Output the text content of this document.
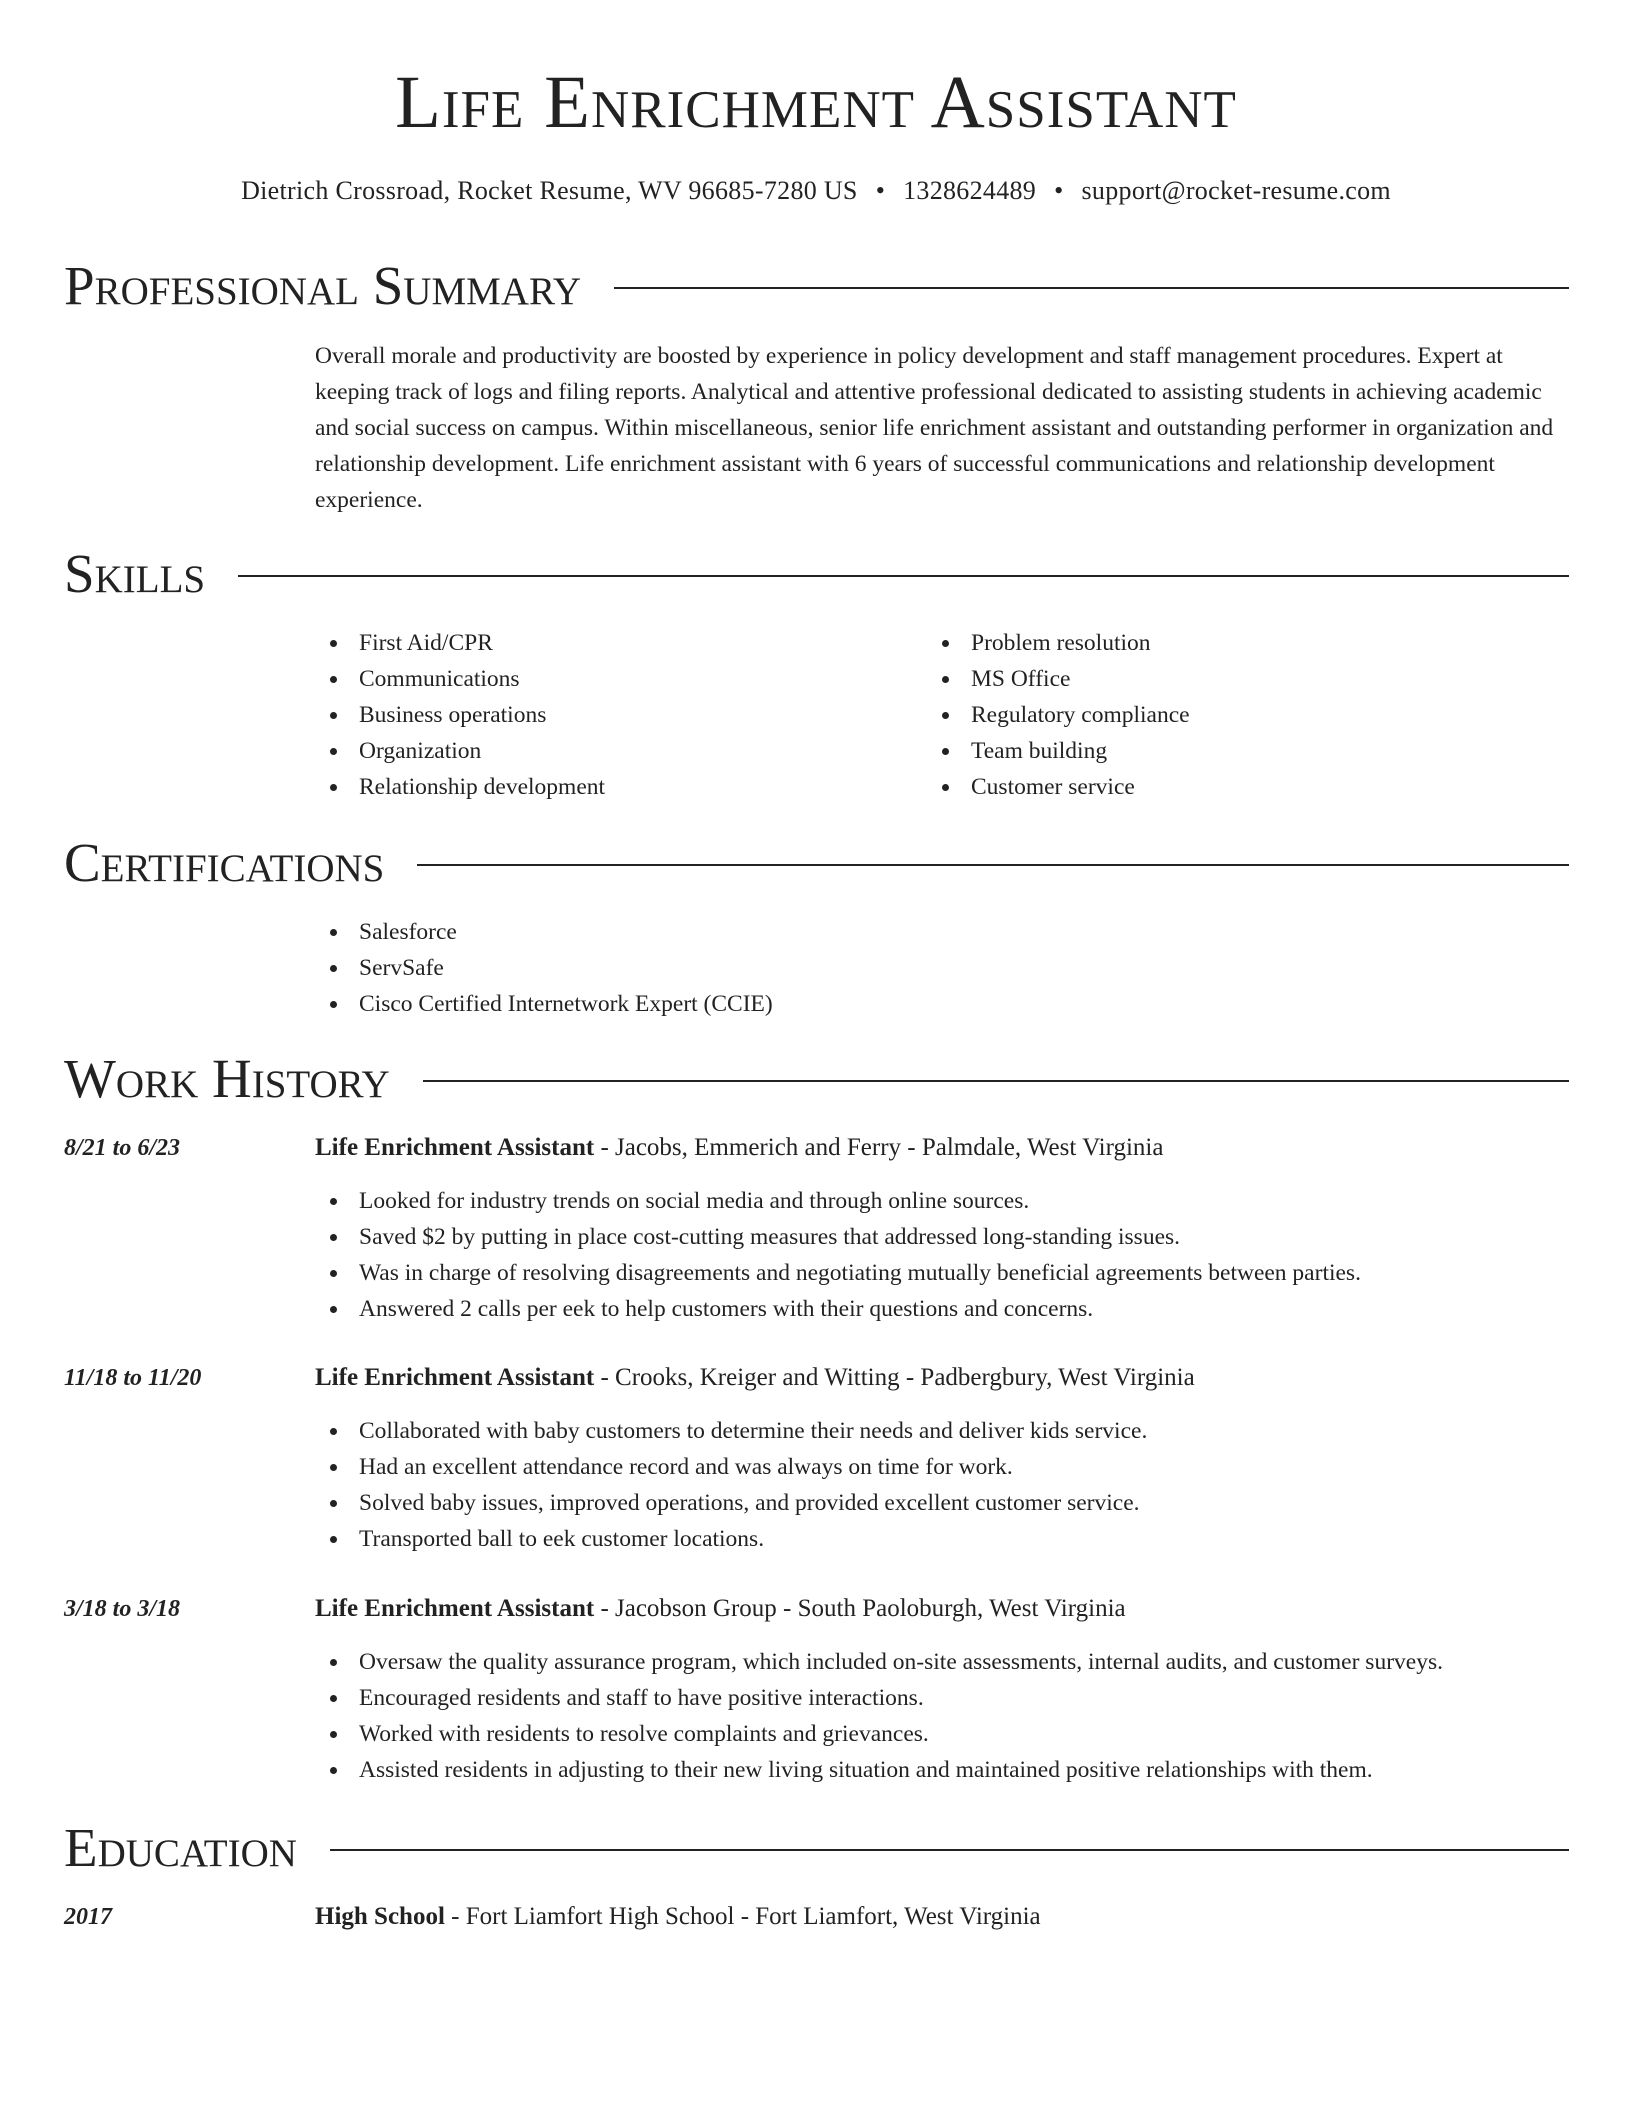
Life Enrichment Assistant
Dietrich Crossroad, Rocket Resume, WV 96685-7280 US • 1328624489 • support@rocket-resume.com
Professional Summary

Overall morale and productivity are boosted by experience in policy development and staff management procedures. Expert at keeping track of logs and filing reports. Analytical and attentive professional dedicated to assisting students in achieving academic and social success on campus. Within miscellaneous, senior life enrichment assistant and outstanding performer in organization and relationship development. Life enrichment assistant with 6 years of successful communications and relationship development experience.

Skills
First Aid/CPR
Communications
Business operations
Organization
Relationship development
Problem resolution
MS Office
Regulatory compliance
Team building
Customer service
Certifications
Salesforce
ServSafe
Cisco Certified Internetwork Expert (CCIE)
Work History
8/21 to 6/23	Life Enrichment Assistant - Jacobs, Emmerich and Ferry - Palmdale, West Virginia
Looked for industry trends on social media and through online sources.
Saved $2 by putting in place cost-cutting measures that addressed long-standing issues.
Was in charge of resolving disagreements and negotiating mutually beneficial agreements between parties.
Answered 2 calls per eek to help customers with their questions and concerns.
11/18 to 11/20	Life Enrichment Assistant - Crooks, Kreiger and Witting - Padbergbury, West Virginia
Collaborated with baby customers to determine their needs and deliver kids service.
Had an excellent attendance record and was always on time for work.
Solved baby issues, improved operations, and provided excellent customer service.
Transported ball to eek customer locations.
3/18 to 3/18	Life Enrichment Assistant - Jacobson Group - South Paoloburgh, West Virginia
Oversaw the quality assurance program, which included on-site assessments, internal audits, and customer surveys.
Encouraged residents and staff to have positive interactions.
Worked with residents to resolve complaints and grievances.
Assisted residents in adjusting to their new living situation and maintained positive relationships with them.
Education
2017	High School - Fort Liamfort High School - Fort Liamfort, West Virginia
